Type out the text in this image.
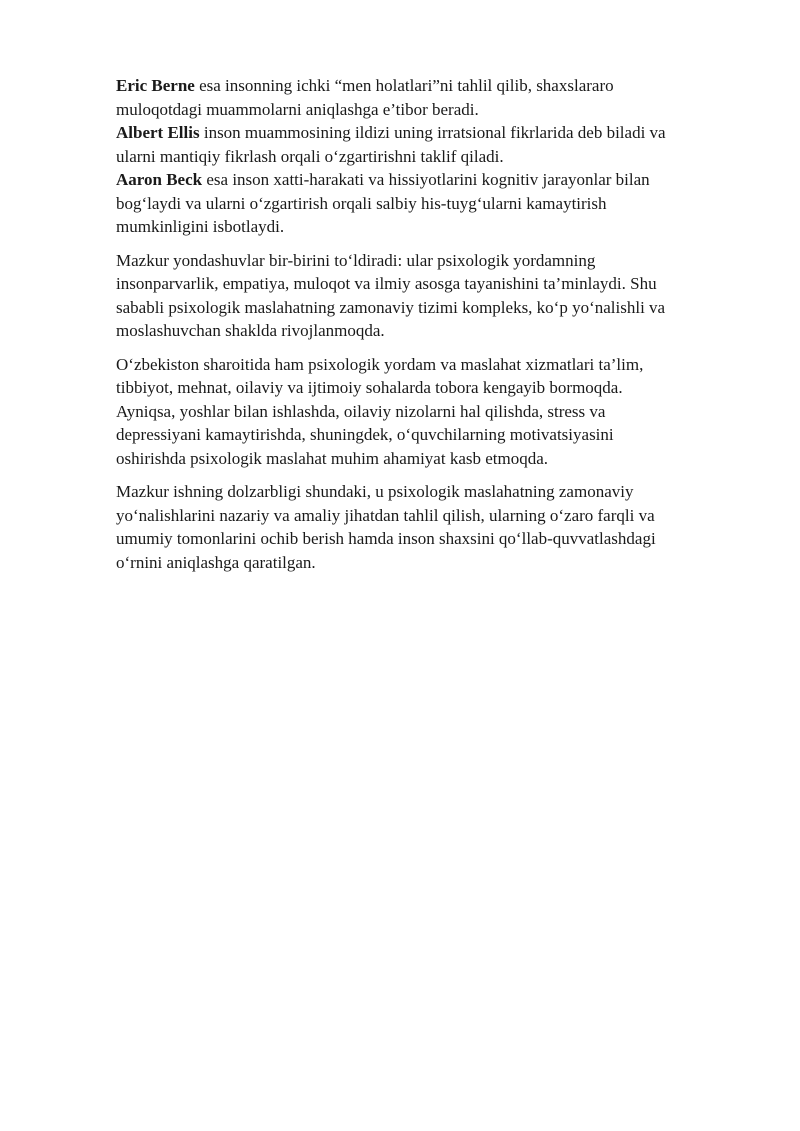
Eric Berne esa insonning ichki “men holatlari”ni tahlil qilib, shaxslararo
muloqotdagi muammolarni aniqlashga e’tibor beradi.
Albert Ellis inson muammosining ildizi uning irratsional fikrlarida deb biladi va
ularni mantiqiy fikrlash orqali o‘zgartirishni taklif qiladi.
Aaron Beck esa inson xatti-harakati va hissiyotlarini kognitiv jarayonlar bilan
bog‘laydi va ularni o‘zgartirish orqali salbiy his-tuyg‘ularni kamaytirish
mumkinligini isbotlaydi.

Mazkur yondashuvlar bir-birini to‘ldiradi: ular psixologik yordamning
insonparvarlik, empatiya, muloqot va ilmiy asosga tayanishini ta’minlaydi. Shu
sababli psixologik maslahatning zamonaviy tizimi kompleks, ko‘p yo‘nalishli va
moslashuvchan shaklda rivojlanmoqda.

O‘zbekiston sharoitida ham psixologik yordam va maslahat xizmatlari ta’lim,
tibbiyot, mehnat, oilaviy va ijtimoiy sohalarda tobora kengayib bormoqda.
Ayniqsa, yoshlar bilan ishlashda, oilaviy nizolarni hal qilishda, stress va
depressiyani kamaytirishda, shuningdek, o‘quvchilarning motivatsiyasini
oshirishda psixologik maslahat muhim ahamiyat kasb etmoqda.

Mazkur ishning dolzarbligi shundaki, u psixologik maslahatning zamonaviy
yo‘nalishlarini nazariy va amaliy jihatdan tahlil qilish, ularning o‘zaro farqli va
umumiy tomonlarini ochib berish hamda inson shaxsini qo‘llab-quvvatlashdagi
o‘rnini aniqlashga qaratilgan.
